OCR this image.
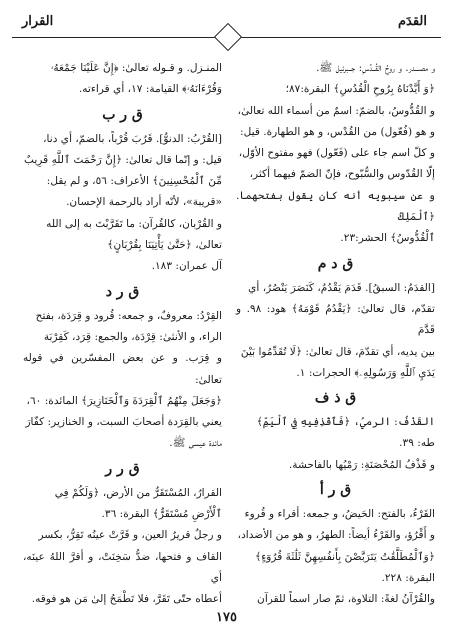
القدَم
القرار

و مصـــدر. و روحُ القُــدُسِ: جــبرئيل ﷺ.

﴿وَ أَيَّدْنَاهُ بِرُوحِ الْقُدُسِ﴾ البقرة:٨٧؛

و القُدُّوسُ، بالضمّ: اسمٌ من أسماء الله تعالىٰ،

و هو (فُعّول) من القُدْس، و هو الطهارة. قيل:

و كلّ اسم جاء على (فَعّول) فهو مفتوح الأوّل،

إلّا القُدّوس والسُّبّوح، فإنّ الضمّ فيهما أكثر،

و عن سيبويه أنه كان يقول بفتحهما. ﴿ٱلْمَلِكُ

ٱلْقُدُّوسُ﴾ الحشر:٢٣.

ق د م

[القدَمُ: السبقُ]. قَدَمَ يَقْدُمُ، كَنَصَرَ يَنْصُرُ، أي

تقدّم، قال تعالىٰ: ﴿يَقْدُمُ قَوْمَهُ﴾ هود: ٩٨. و قَدَّمَ

بين يديه، أي تقدّمَ، قال تعالىٰ: ﴿لَا تُقَدِّمُوا بَيْنَ

يَدَيِ ٱللَّهِ وَرَسُولِهِۦ﴾ الحجرات: ١.

ق ذ ف

القَذْفُ: الرميُ، ﴿فَٱقْذِفِيهِ فِي ٱلْيَمِّ﴾

طه: ٣٩.

و قَذْفُ المُحْصَنَةِ: رَمْيُها بالفاحشة.

ق ر أ

القَرْءُ، بالفتح: الحَيضُ، و جمعه: أقراء و قُروء

و أَقْرُؤ، والقَرْءُ أيضاً: الطهرُ، و هو من الأضداد،

﴿وَٱلْمُطَلَّقَٰتُ يَتَرَبَّصْنَ بِأَنفُسِهِنَّ ثَلَٰثَةَ قُرُوٓءٍ﴾

البقرة: ٢٢٨.

والقُرْآنُ لغةً: التلاوة، ثمّ صار اسماً للقرآن

المنـزل. و قـوله تعالىٰ: ﴿إِنَّ عَلَيْنَا جَمْعَهُۥ

وَقُرْءَانَهُۥ﴾ القيامة: ١٧، أي قراءته.

ق ر ب

[القُرْبُ: الدنوُّ]. قَرُبَ قُرْباً، بالضمّ، أي دنا،

قيل: و إنّما قال تعالىٰ: ﴿إِنَّ رَحْمَتَ ٱللَّهِ قَرِيبٌ

مِّنَ ٱلْمُحْسِنِينَ﴾ الأعراف: ٥٦، و لم يقل:

«قريبة»، لأنّه أراد بالرحمة الإحسان.

و القُرْبان، كالقُرآن: ما تَقَرَّبْتَ به إلى الله

تعالىٰ، ﴿حَتَّىٰ يَأْتِيَنَا بِقُرْبَانٍ﴾

آل عمران: ١٨٣.

ق ر د

القِرْدُ: معروفٌ، و جمعه: قُرود و قِرَدَة، بفتح

الراء، و الأنثىٰ: قِرْدَة، والجمع: قِرَد، كَقِرْبَة

و قِرَب. و عن بعض المفسّرين في قوله تعالىٰ:

﴿وَجَعَلَ مِنْهُمُ ٱلْقِرَدَةَ وَٱلْخَنَازِيرَ﴾ المائدة: ٦٠،

يعني بالقِرَدة أصحابَ السبت، و الخنازير: كفّارَ

مائدة عيسى ﷺ.

ق ر ر

القرارُ، المُسْتَقَرُّ من الأرض، ﴿وَلَكُمْ فِي

ٱلْأَرْضِ مُسْتَقَرٌّ﴾ البقرة: ٣٦.

و رجلٌ قريرُ العين، و قَرَّتْ عينُه تَقِرُّ، بكسر

القاف و فتحها، ضدُّ سَخِنَتْ، و أقرَّ اللهُ عينَه، أي

أعطاه حتّى تَقَرَّ، فلا تَطْمَحُ إلىٰ مَن هو فوقه.

١٧٥
